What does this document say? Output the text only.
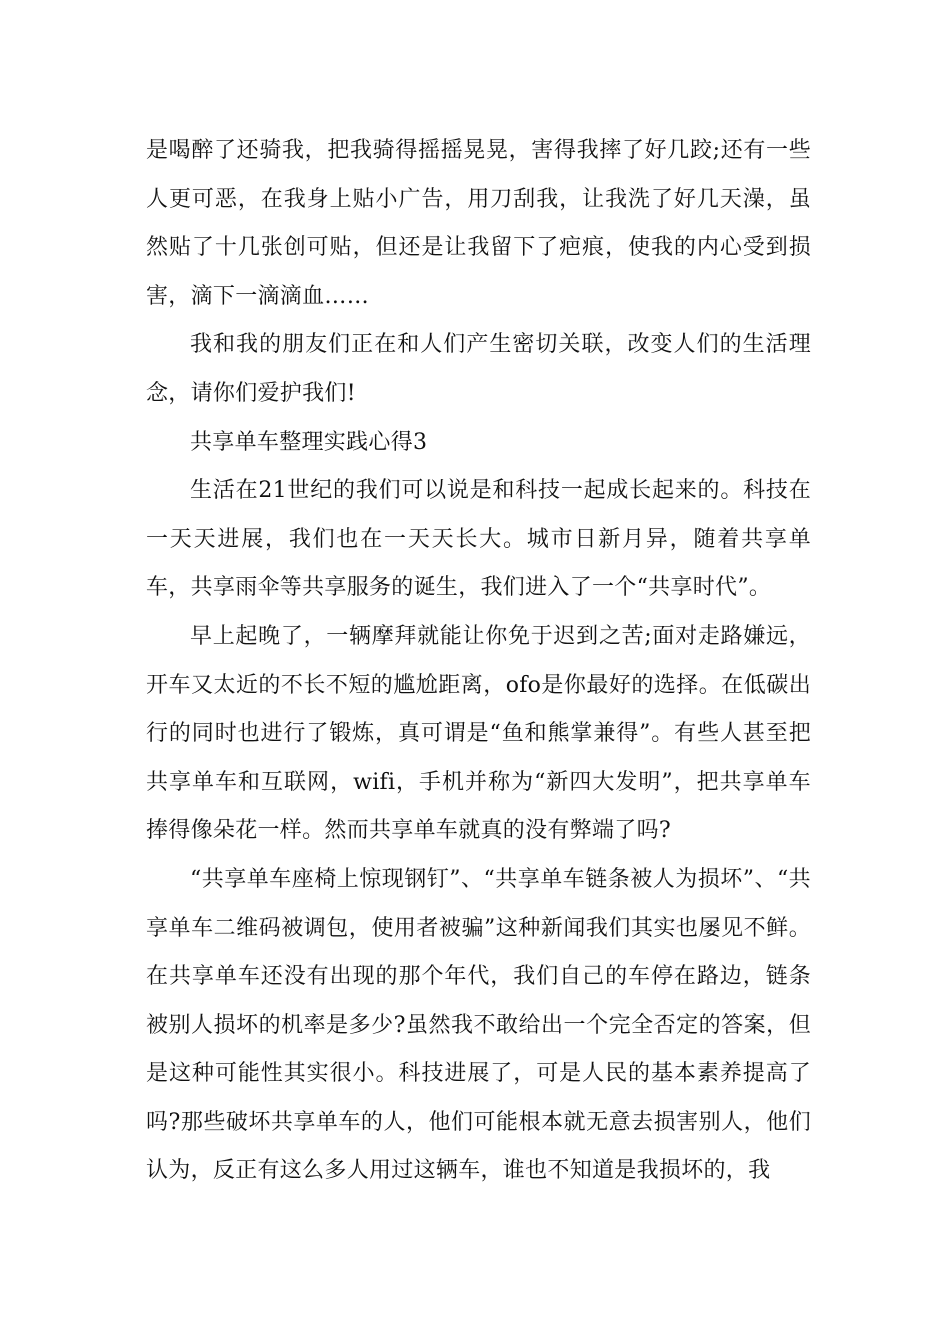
是喝醉了还骑我，把我骑得摇摇晃晃，害得我摔了好几跤;还有一些人更可恶，在我身上贴小广告，用刀刮我，让我洗了好几天澡，虽然贴了十几张创可贴，但还是让我留下了疤痕，使我的内心受到损害，滴下一滴滴血……

我和我的朋友们正在和人们产生密切关联，改变人们的生活理念，请你们爱护我们!

共享单车整理实践心得3

生活在21世纪的我们可以说是和科技一起成长起来的。科技在一天天进展，我们也在一天天长大。城市日新月异，随着共享单车，共享雨伞等共享服务的诞生，我们进入了一个“共享时代”。

早上起晚了，一辆摩拜就能让你免于迟到之苦;面对走路嫌远，开车又太近的不长不短的尴尬距离，ofo是你最好的选择。在低碳出行的同时也进行了锻炼，真可谓是“鱼和熊掌兼得”。有些人甚至把共享单车和互联网，wifi，手机并称为“新四大发明”，把共享单车捧得像朵花一样。然而共享单车就真的没有弊端了吗?

“共享单车座椅上惊现钢钉”、“共享单车链条被人为损坏”、“共享单车二维码被调包，使用者被骗”这种新闻我们其实也屡见不鲜。在共享单车还没有出现的那个年代，我们自己的车停在路边，链条被别人损坏的机率是多少?虽然我不敢给出一个完全否定的答案，但是这种可能性其实很小。科技进展了，可是人民的基本素养提高了吗?那些破坏共享单车的人，他们可能根本就无意去损害别人，他们认为，反正有这么多人用过这辆车，谁也不知道是我损坏的，我
